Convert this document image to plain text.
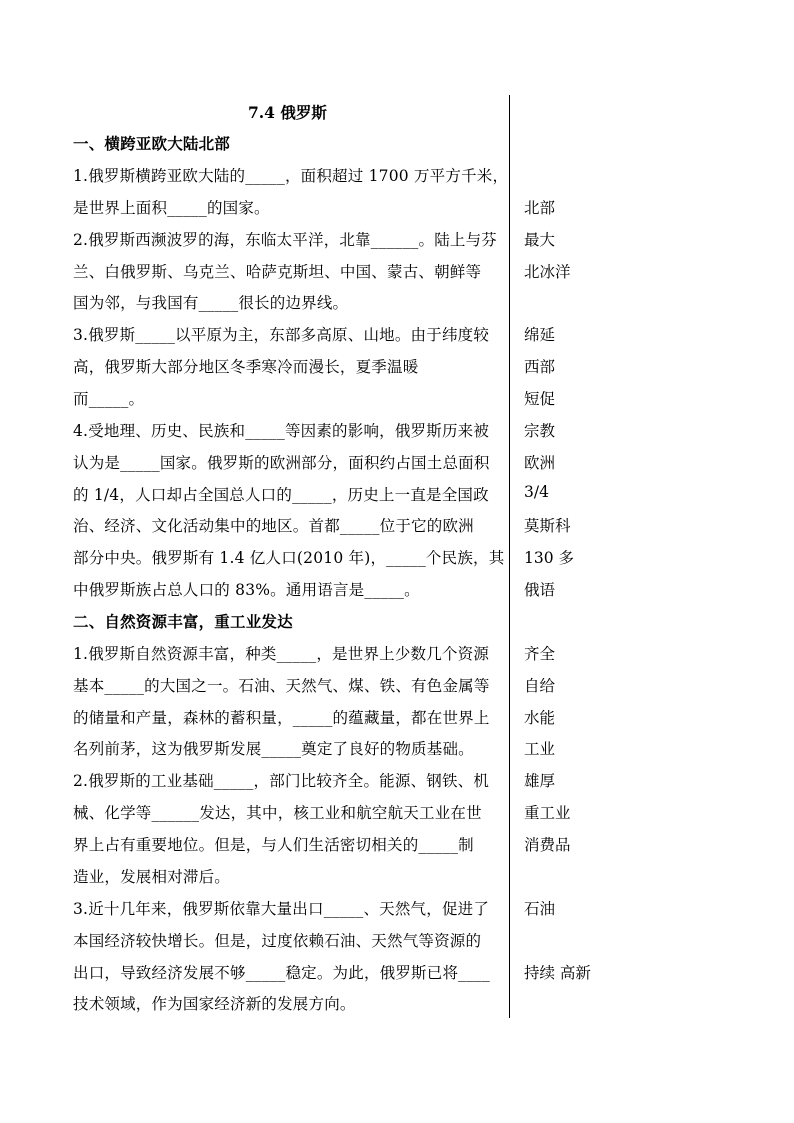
7.4 俄罗斯
一、横跨亚欧大陆北部
1.俄罗斯横跨亚欧大陆的_____，面积超过 1700 万平方千米，
是世界上面积_____的国家。
2.俄罗斯西濒波罗的海，东临太平洋，北靠______。陆上与芬
兰、白俄罗斯、乌克兰、哈萨克斯坦、中国、蒙古、朝鲜等
国为邻，与我国有_____很长的边界线。
3.俄罗斯_____以平原为主，东部多高原、山地。由于纬度较
高，俄罗斯大部分地区冬季寒冷而漫长，夏季温暖
而_____。
4.受地理、历史、民族和_____等因素的影响，俄罗斯历来被
认为是_____国家。俄罗斯的欧洲部分，面积约占国土总面积
的 1/4，人口却占全国总人口的_____，历史上一直是全国政
治、经济、文化活动集中的地区。首都_____位于它的欧洲
部分中央。俄罗斯有 1.4 亿人口(2010 年)，_____个民族，其
中俄罗斯族占总人口的 83%。通用语言是_____。
二、自然资源丰富，重工业发达
1.俄罗斯自然资源丰富，种类_____，是世界上少数几个资源
基本_____的大国之一。石油、天然气、煤、铁、有色金属等
的储量和产量，森林的蓄积量，_____的蕴藏量，都在世界上
名列前茅，这为俄罗斯发展_____奠定了良好的物质基础。
2.俄罗斯的工业基础_____，部门比较齐全。能源、钢铁、机
械、化学等______发达，其中，核工业和航空航天工业在世
界上占有重要地位。但是，与人们生活密切相关的_____制
造业，发展相对滞后。
3.近十几年来，俄罗斯依靠大量出口_____、天然气，促进了
本国经济较快增长。但是，过度依赖石油、天然气等资源的
出口，导致经济发展不够_____稳定。为此，俄罗斯已将____
技术领域，作为国家经济新的发展方向。
北部
最大
北冰洋
绵延
西部
短促
宗教
欧洲
3/4
莫斯科
130 多
俄语
齐全
自给
水能
工业
雄厚
重工业
消费品
石油
持续 高新
